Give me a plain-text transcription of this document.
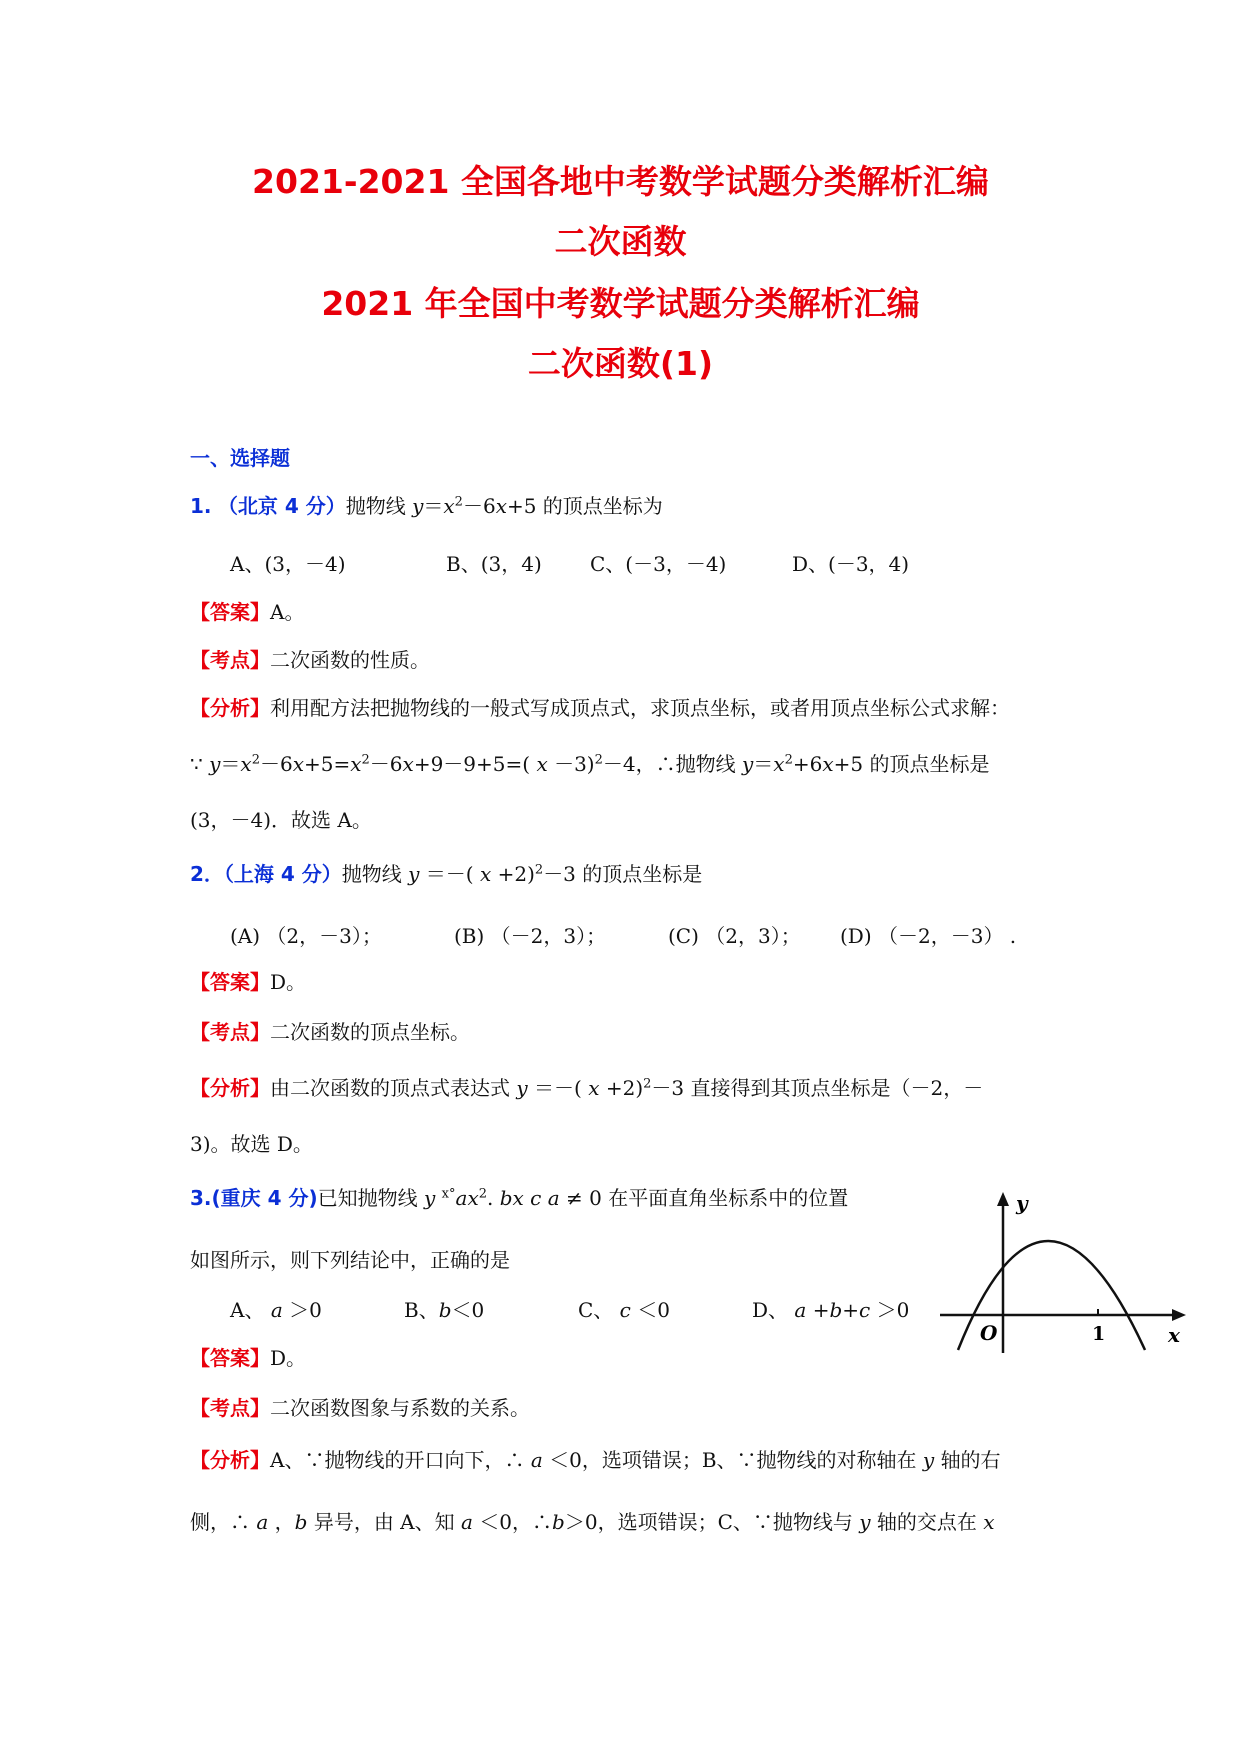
2021-2021 全国各地中考数学试题分类解析汇编
二次函数
2021 年全国中考数学试题分类解析汇编
二次函数(1)
一、选择题
1. （北京 4 分）抛物线 $y=x^2-6x+5$ 的顶点坐标为
A、(3，－4)	B、(3，4) C、(－3，－4)	D、(－3，4)
【答案】A。
【考点】二次函数的性质。
【分析】利用配方法把抛物线的一般式写成顶点式，求顶点坐标，或者用顶点坐标公式求解：
∵ $y=x^2-6x+5=x^2-6x+9-9+5=$( x －3)$^2$－4，∴抛物线 $y=x^2+6x+5$ 的顶点坐标是
(3，－4)．故选 A。
2．（上海 4 分）抛物线 y ＝－( x +2)$^2$－3 的顶点坐标是
(A) （2，－3）；	(B) （－2，3）；	(C) （2，3）； (D) （－2，－3） .
【答案】D。
【考点】二次函数的顶点坐标。
【分析】由二次函数的顶点式表达式 y ＝－( x +2)$^2$－3 直接得到其顶点坐标是（－2，－
3)。故选 D。
3.(重庆 4 分)已知抛物线 y $^{x^\circ}ax^2$. bx c a ≠ 0 在平面直角坐标系中的位置
如图所示，则下列结论中，正确的是
A、 a ＞0	B、b＜0	C、 c ＜0	D、 a +b+c ＞0
【答案】D。
【考点】二次函数图象与系数的关系。
【分析】A、∵抛物线的开口向下，∴ a ＜0，选项错误；B、∵抛物线的对称轴在 y 轴的右
侧，∴ a ，b 异号，由 A、知 a ＜0，∴b＞0，选项错误；C、∵抛物线与 y 轴的交点在 x
y
x
O	1
